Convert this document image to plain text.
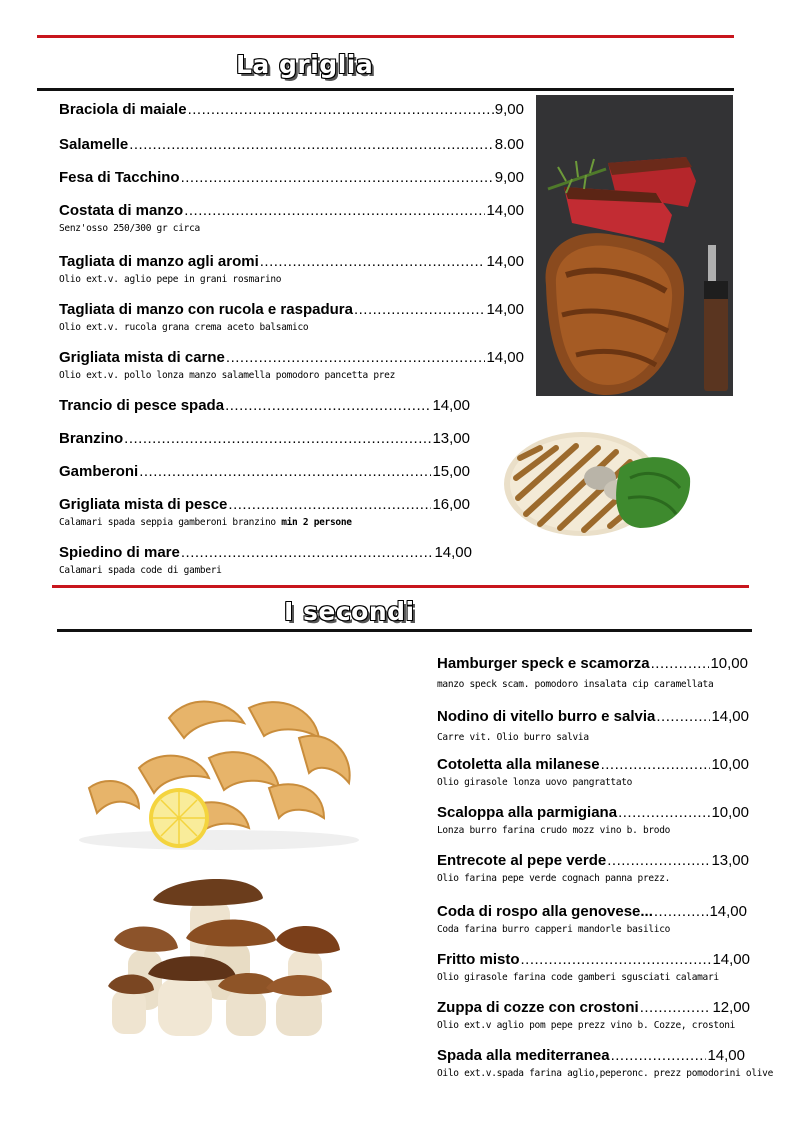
La griglia
Braciola di maiale .....	9,00
Salamelle .....	8.00
Fesa di Tacchino .....	9,00
Costata di manzo .....	14,00
Senz'osso 250/300 gr circa
Tagliata di manzo agli aromi .....	14,00
Olio ext.v. aglio pepe in grani rosmarino
Tagliata di manzo con rucola e raspadura .....	14,00
Olio ext.v. rucola grana crema aceto balsamico
Grigliata mista di carne .....	14,00
Olio ext.v. pollo lonza manzo salamella pomodoro pancetta prez
Trancio di pesce spada .....	14,00
Branzino .....	13,00
Gamberoni .....	15,00
Grigliata mista di pesce .....	16,00
Calamari spada seppia gamberoni branzino min 2 persone
Spiedino di mare .....	14,00
Calamari spada code di gamberi
I secondi
Hamburger speck e scamorza .....	10,00
manzo speck scam. pomodoro insalata cip caramellata
Nodino di vitello burro e salvia .....	14,00
Carre vit. Olio burro salvia
Cotoletta alla milanese .....	10,00
Olio girasole lonza uovo pangrattato
Scaloppa alla parmigiana .....	10,00
Lonza burro farina crudo mozz vino b. brodo
Entrecote al pepe verde .....	13,00
Olio farina pepe verde cognach panna prezz.
Coda di rospo alla genovese... .....	14,00
Coda farina burro capperi mandorle basilico
Fritto misto .....	14,00
Olio girasole farina code gamberi sgusciati calamari
Zuppa di cozze con crostoni .....	12,00
Olio ext.v aglio pom pepe prezz vino b. Cozze, crostoni
Spada alla mediterranea .....	14,00
Oilo ext.v.spada farina aglio,peperonc. prezz pomodorini olive
